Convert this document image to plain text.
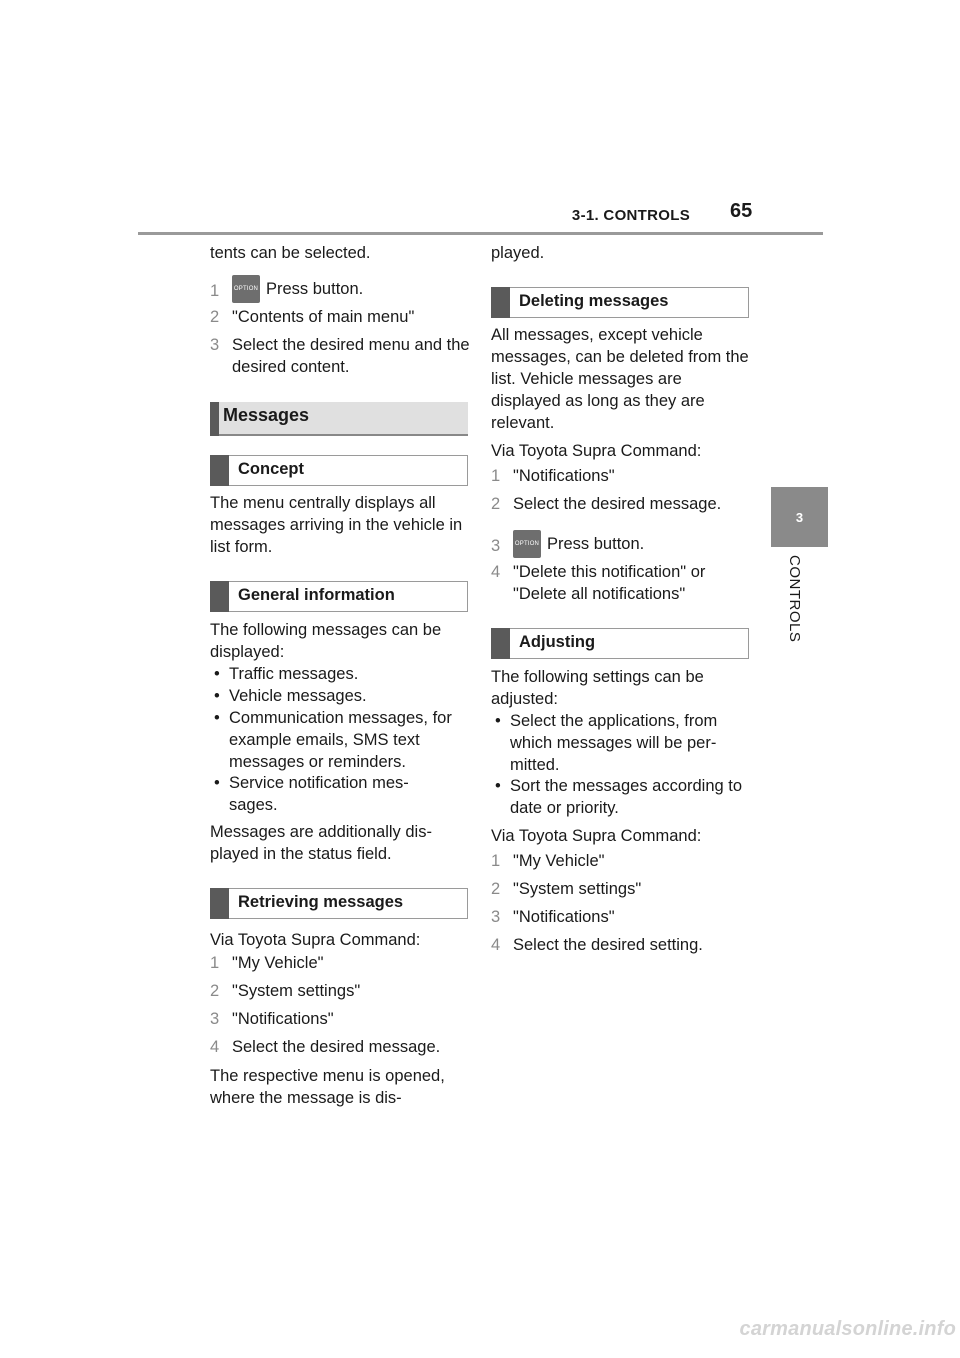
3-1. CONTROLS 65
3
CONTROLS

tents can be selected.

1	OPTION Press button.
2 "Contents of main menu"
3 Select the desired menu and the desired content.
Messages
Concept

The menu centrally displays all messages arriving in the vehicle in list form.

General information

The following messages can be displayed:

• Traffic messages.
• Vehicle messages.
• Communication messages, for example emails, SMS text messages or reminders.
• Service notification mes-sages.

Messages are additionally dis-played in the status field.

Retrieving messages

Via Toyota Supra Command:

1 "My Vehicle"
2 "System settings"
3 "Notifications"
4 Select the desired message.

The respective menu is opened, where the message is dis-

played.

Deleting messages

All messages, except vehicle messages, can be deleted from the list. Vehicle messages are displayed as long as they are relevant.

Via Toyota Supra Command:

1 "Notifications"
2 Select the desired message.
3	OPTION Press button.
4 "Delete this notification" or "Delete all notifications"
Adjusting

The following settings can be adjusted:

• Select the applications, from which messages will be per-mitted.
• Sort the messages according to date or priority.

Via Toyota Supra Command:

1 "My Vehicle"
2 "System settings"
3 "Notifications"
4 Select the desired setting.
carmanualsonline.info
